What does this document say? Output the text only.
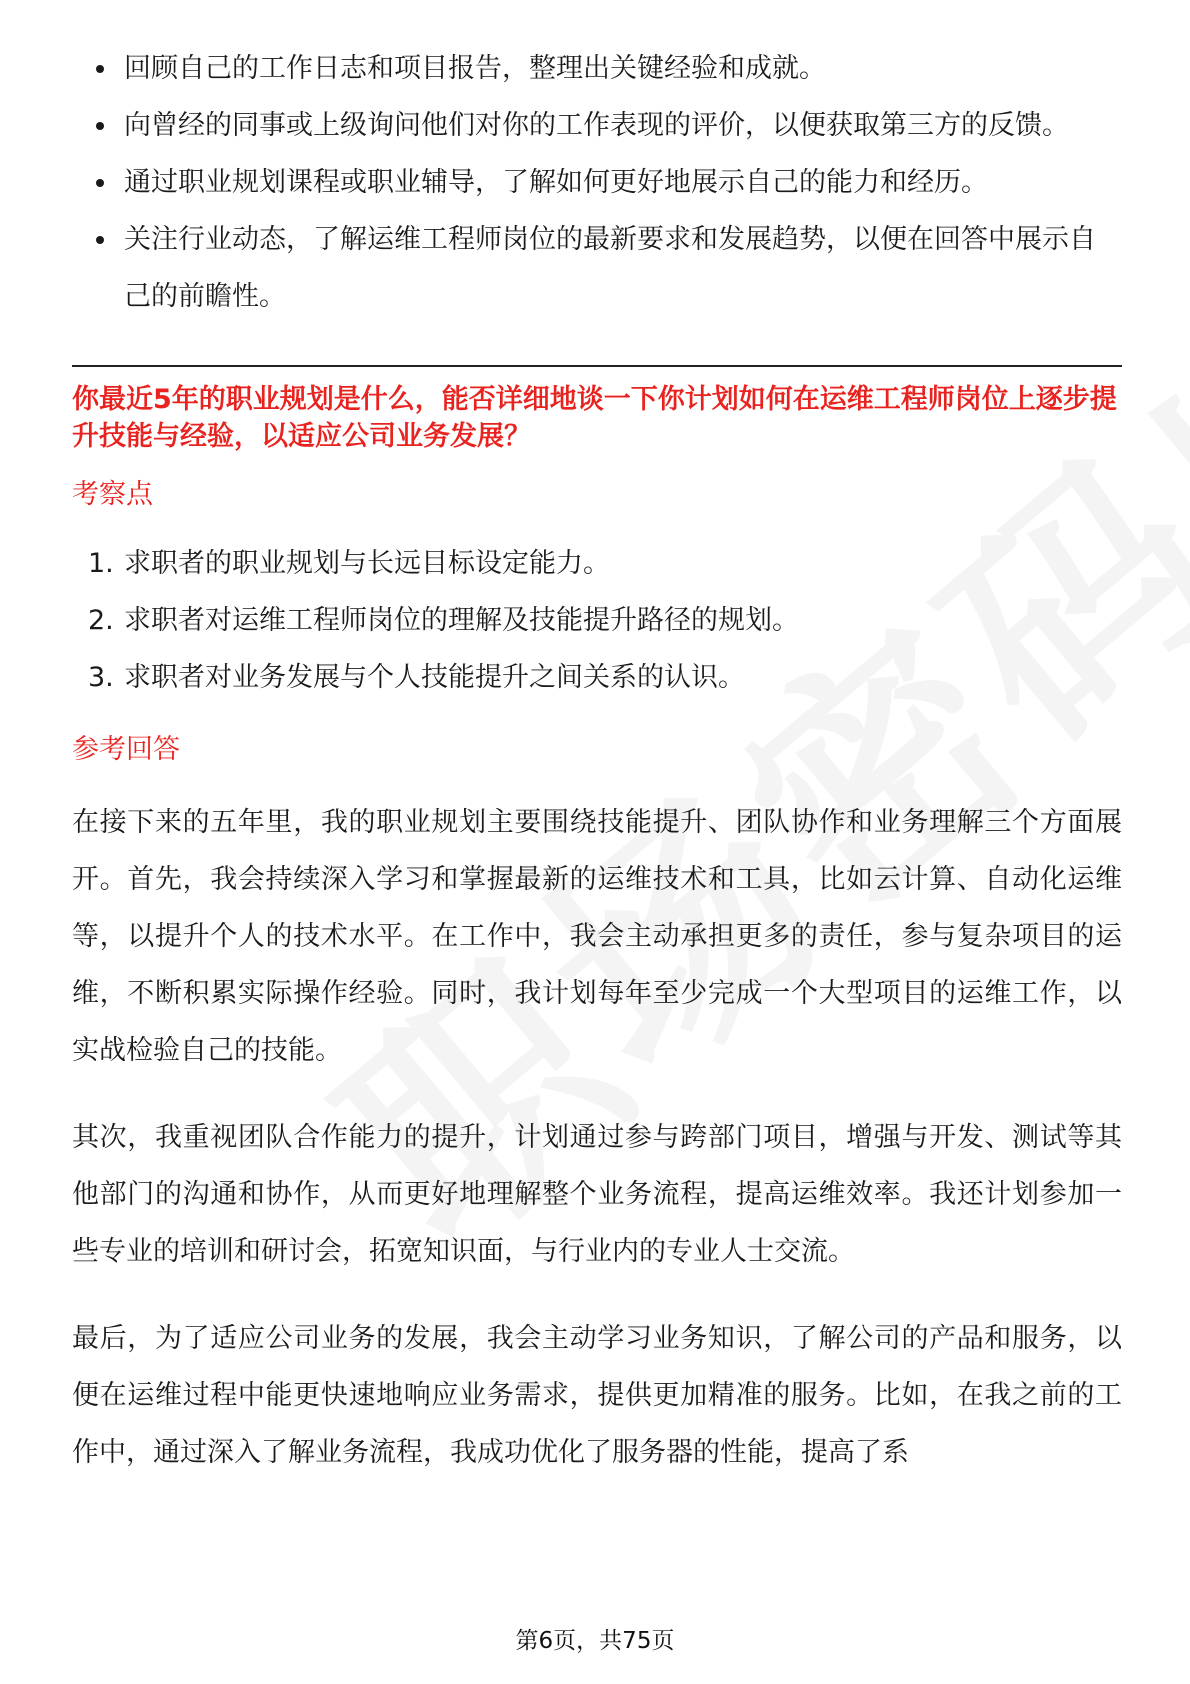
回顾自己的工作日志和项目报告，整理出关键经验和成就。
向曾经的同事或上级询问他们对你的工作表现的评价，以便获取第三方的反馈。
通过职业规划课程或职业辅导，了解如何更好地展示自己的能力和经历。
关注行业动态，了解运维工程师岗位的最新要求和发展趋势，以便在回答中展示自己的前瞻性。

你最近5年的职业规划是什么，能否详细地谈一下你计划如何在运维工程师岗位上逐步提升技能与经验，以适应公司业务发展？

考察点

1. 求职者的职业规划与长远目标设定能力。
2. 求职者对运维工程师岗位的理解及技能提升路径的规划。
3. 求职者对业务发展与个人技能提升之间关系的认识。

参考回答

在接下来的五年里，我的职业规划主要围绕技能提升、团队协作和业务理解三个方面展开。首先，我会持续深入学习和掌握最新的运维技术和工具，比如云计算、自动化运维等，以提升个人的技术水平。在工作中，我会主动承担更多的责任，参与复杂项目的运维，不断积累实际操作经验。同时，我计划每年至少完成一个大型项目的运维工作，以实战检验自己的技能。

其次，我重视团队合作能力的提升，计划通过参与跨部门项目，增强与开发、测试等其他部门的沟通和协作，从而更好地理解整个业务流程，提高运维效率。我还计划参加一些专业的培训和研讨会，拓宽知识面，与行业内的专业人士交流。

最后，为了适应公司业务的发展，我会主动学习业务知识，了解公司的产品和服务，以便在运维过程中能更快速地响应业务需求，提供更加精准的服务。比如，在我之前的工作中，通过深入了解业务流程，我成功优化了服务器的性能，提高了系

第6页，共75页
